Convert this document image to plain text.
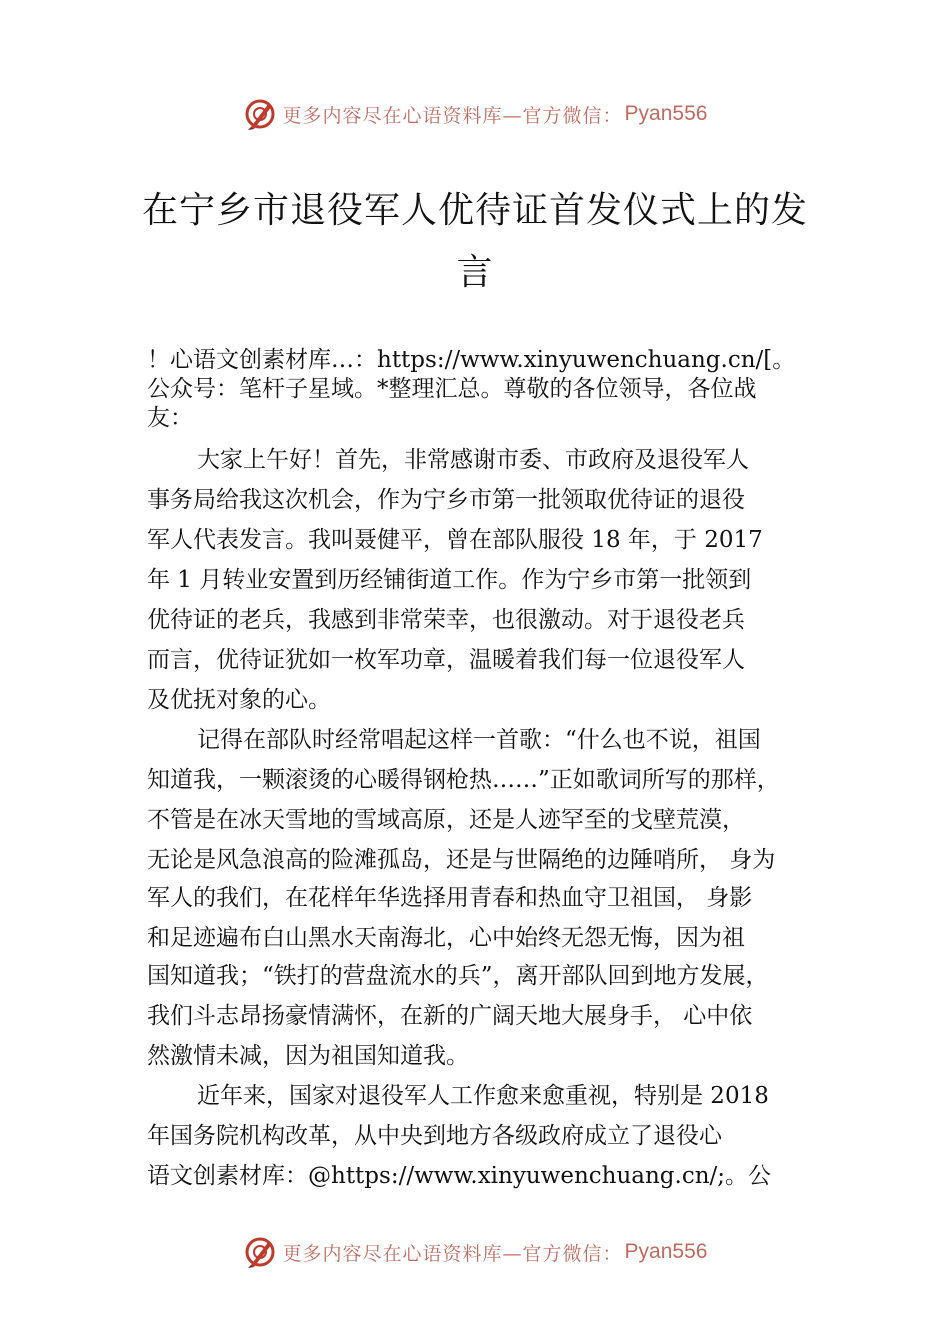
更多内容尽在心语资料库—官方微信： Pyan556
在宁乡市退役军人优待证首发仪式上的发
言

！心语文创素材库…：https://www.xinyuwenchuang.cn/[。

公众号：笔杆子星域。*整理汇总。尊敬的各位领导，各位战

友：

大家上午好！首先，非常感谢市委、市政府及退役军人
事务局给我这次机会，作为宁乡市第一批领取优待证的退役
军人代表发言。我叫聂健平，曾在部队服役 18 年，于 2017
年 1 月转业安置到历经铺街道工作。作为宁乡市第一批领到
优待证的老兵，我感到非常荣幸，也很激动。对于退役老兵
而言，优待证犹如一枚军功章，温暖着我们每一位退役军人
及优抚对象的心。
记得在部队时经常唱起这样一首歌：“什么也不说，祖国
知道我，一颗滚烫的心暖得钢枪热……”正如歌词所写的那样，
不管是在冰天雪地的雪域高原，还是人迹罕至的戈壁荒漠，
无论是风急浪高的险滩孤岛，还是与世隔绝的边陲哨所， 身为
军人的我们，在花样年华选择用青春和热血守卫祖国， 身影
和足迹遍布白山黑水天南海北，心中始终无怨无悔，因为祖
国知道我；“铁打的营盘流水的兵”，离开部队回到地方发展，
我们斗志昂扬豪情满怀，在新的广阔天地大展身手， 心中依
然激情未减，因为祖国知道我。
近年来，国家对退役军人工作愈来愈重视，特别是 2018
年国务院机构改革，从中央到地方各级政府成立了退役心
语文创素材库：@https://www.xinyuwenchuang.cn/;。公
更多内容尽在心语资料库—官方微信： Pyan556
